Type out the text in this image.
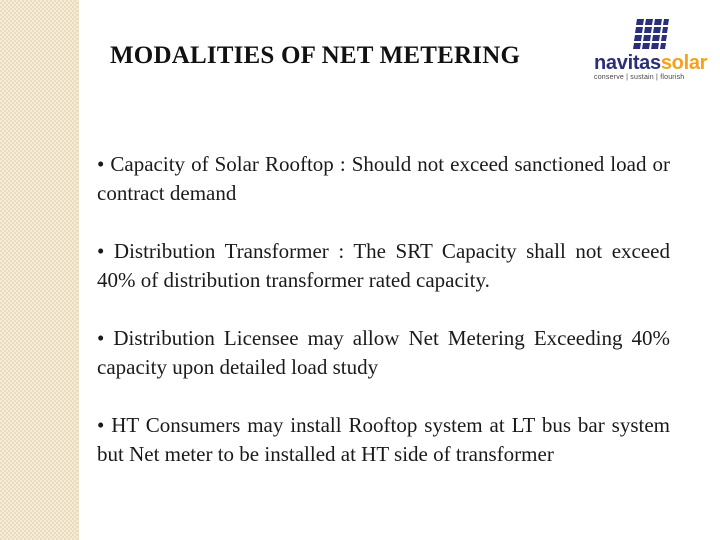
MODALITIES OF NET METERING	navitassolar
conserve | sustain | flourish
• Capacity of Solar Rooftop : Should not exceed sanctioned load or contract demand
• Distribution Transformer : The SRT Capacity shall not exceed 40% of distribution transformer rated capacity.
• Distribution Licensee may allow Net Metering Exceeding 40% capacity upon detailed load study
• HT Consumers may install Rooftop system at LT bus bar system but Net meter to be installed at HT side of transformer
